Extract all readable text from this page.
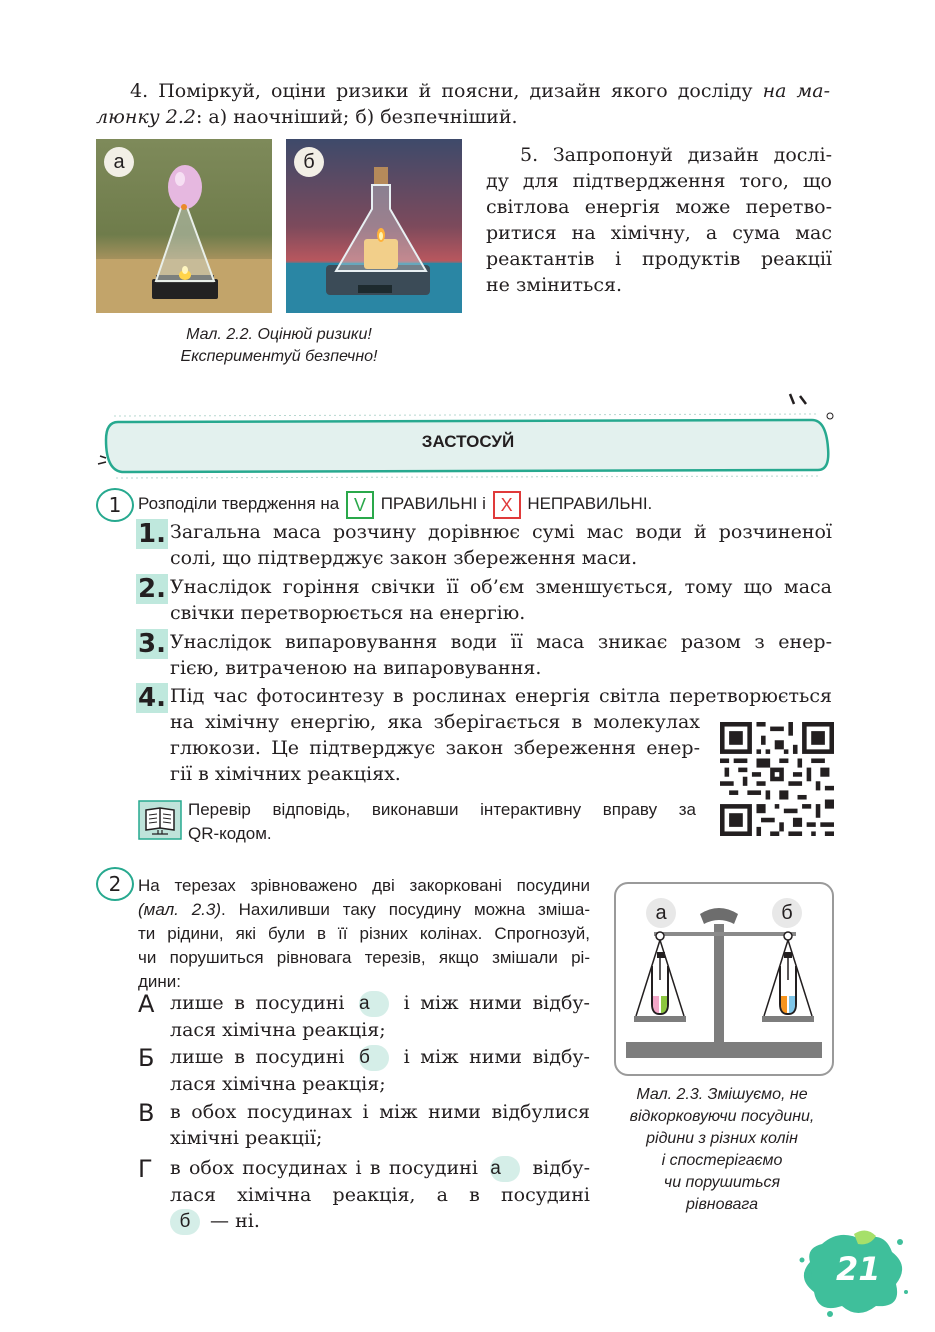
4. Поміркуй, оціни ризики й поясни, дизайн якого досліду на ма-
люнку 2.2: а) наочніший; б) безпечніший.
а	б
Мал. 2.2. Оцінюй ризики!
Експериментуй безпечно!
5. Запропонуй дизайн дослі-
ду для підтвердження того, що
світлова енергія може перетво-
ритися на хімічну, а сума мас
реактантів і продуктів реакції
не зміниться.
ЗАСТОСУЙ
1 Розподіли твердження на V ПРАВИЛЬНІ і X НЕПРАВИЛЬНІ.
1. Загальна маса розчину дорівнює сумі мас води й розчиненої
солі, що підтверджує закон збереження маси.
2. Унаслідок горіння свічки її об’єм зменшується, тому що маса
свічки перетворюється на енергію.
3. Унаслідок випаровування води її маса зникає разом з енер-
гією, витраченою на випаровування.
4. Під час фотосинтезу в рослинах енергія світла перетворюється
на хімічну енергію, яка зберігається в молекулах
глюкози. Це підтверджує закон збереження енер-
гії в хімічних реакціях.
Перевір відповідь, виконавши інтерактивну вправу за
QR-кодом.
2 На терезах зрівноважено дві закорковані посудини
(мал. 2.3). Нахиливши таку посудину можна зміша-
ти рідини, які були в її різних колінах. Спрогнозуй,
чи порушиться рівновага терезів, якщо змішали рі-
дини:
А лише в посудині а і між ними відбу-
лася хімічна реакція;
Б лише в посудині б і між ними відбу-
лася хімічна реакція;
В в обох посудинах і між ними відбулися
хімічні реакції;
Г в обох посудинах і в посудині а відбу-
лася хімічна реакція, а в посудині
б — ні.
а	б
Мал. 2.3. Змішуємо, не
відкорковуючи посудини,
рідини з різних колін
і спостерігаємо
чи порушиться
рівновага
21
